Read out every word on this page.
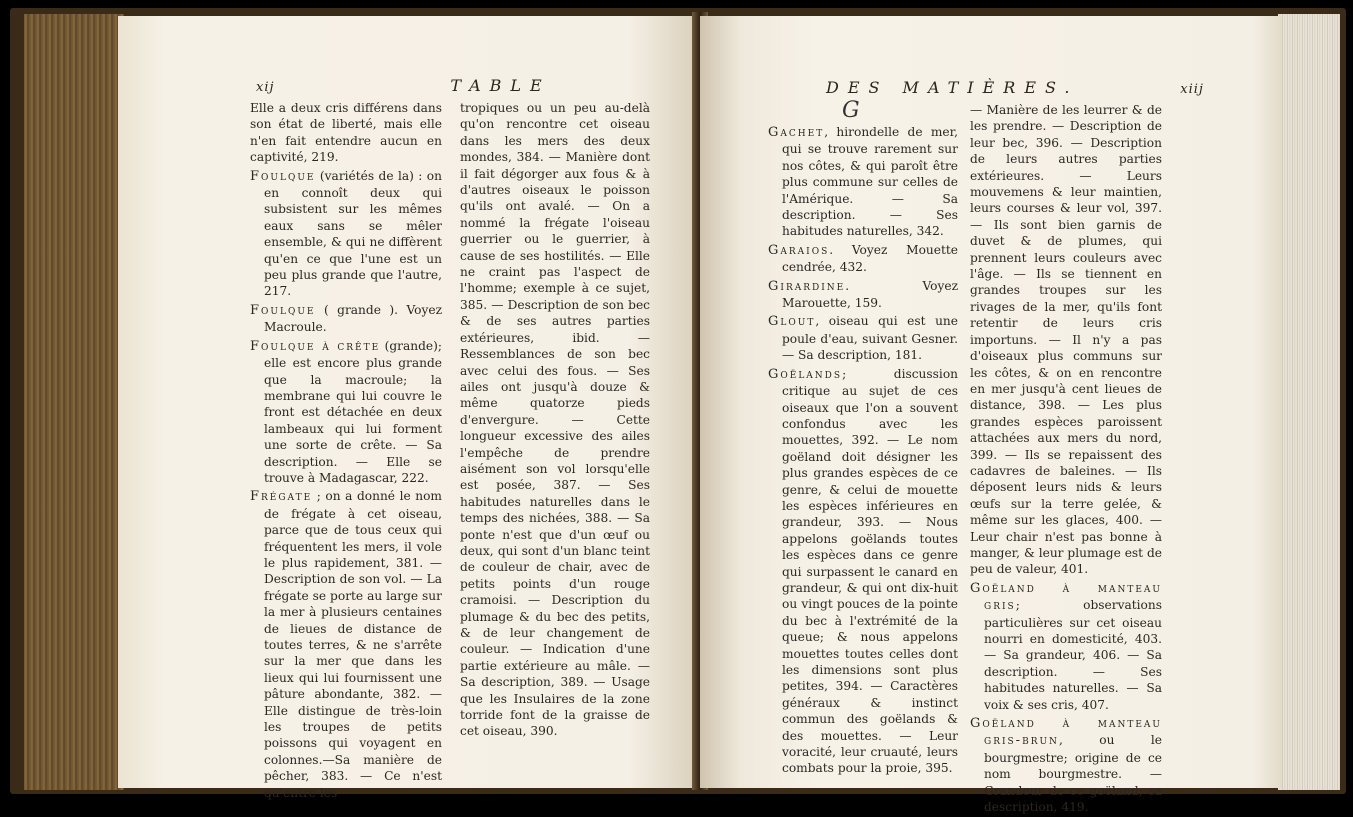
xij	TABLE

Elle a deux cris différens dans son état de liberté, mais elle n'en fait entendre aucun en captivité, 219.

Foulque (variétés de la) : on en connoît deux qui subsistent sur les mêmes eaux sans se mêler ensemble, & qui ne diffèrent qu'en ce que l'une est un peu plus grande que l'autre, 217.

Foulque ( grande ). Voyez Macroule.

Foulque à crête (grande); elle est encore plus grande que la macroule; la membrane qui lui couvre le front est détachée en deux lambeaux qui lui forment une sorte de crête. — Sa description. — Elle se trouve à Madagascar, 222.

Frégate ; on a donné le nom de frégate à cet oiseau, parce que de tous ceux qui fréquentent les mers, il vole le plus rapidement, 381. — Description de son vol. — La frégate se porte au large sur la mer à plusieurs centaines de lieues de distance de toutes terres, & ne s'arrête sur la mer que dans les lieux qui lui fournissent une pâture abondante, 382. — Elle distingue de très-loin les troupes de petits poissons qui voyagent en colonnes.—Sa manière de pêcher, 383. — Ce n'est qu'entre les

tropiques ou un peu au-delà qu'on rencontre cet oiseau dans les mers des deux mondes, 384. — Manière dont il fait dégorger aux fous & à d'autres oiseaux le poisson qu'ils ont avalé. — On a nommé la frégate l'oiseau guerrier ou le guerrier, à cause de ses hostilités. — Elle ne craint pas l'aspect de l'homme; exemple à ce sujet, 385. — Description de son bec & de ses autres parties extérieures, ibid. — Ressemblances de son bec avec celui des fous. — Ses ailes ont jusqu'à douze & même quatorze pieds d'envergure. — Cette longueur excessive des ailes l'empêche de prendre aisément son vol lorsqu'elle est posée, 387. — Ses habitudes naturelles dans le temps des nichées, 388. — Sa ponte n'est que d'un œuf ou deux, qui sont d'un blanc teint de couleur de chair, avec de petits points d'un rouge cramoisi. — Description du plumage & du bec des petits, & de leur changement de couleur. — Indication d'une partie extérieure au mâle. — Sa description, 389. — Usage que les Insulaires de la zone torride font de la graisse de cet oiseau, 390.

DES MATIÈRES.	xiij
G

Gachet, hirondelle de mer, qui se trouve rarement sur nos côtes, & qui paroît être plus commune sur celles de l'Amérique. — Sa description. — Ses habitudes naturelles, 342.

Garaios. Voyez Mouette cendrée, 432.

Girardine. Voyez Marouette, 159.

Glout, oiseau qui est une poule d'eau, suivant Gesner. — Sa description, 181.

Goëlands; discussion critique au sujet de ces oiseaux que l'on a souvent confondus avec les mouettes, 392. — Le nom goëland doit désigner les plus grandes espèces de ce genre, & celui de mouette les espèces inférieures en grandeur, 393. — Nous appelons goëlands toutes les espèces dans ce genre qui surpassent le canard en grandeur, & qui ont dix-huit ou vingt pouces de la pointe du bec à l'extrémité de la queue; & nous appelons mouettes toutes celles dont les dimensions sont plus petites, 394. — Caractères généraux & instinct commun des goëlands & des mouettes. — Leur voracité, leur cruauté, leurs combats pour la proie, 395.

— Manière de les leurrer & de les prendre. — Description de leur bec, 396. — Description de leurs autres parties extérieures. — Leurs mouvemens & leur maintien, leurs courses & leur vol, 397. — Ils sont bien garnis de duvet & de plumes, qui prennent leurs couleurs avec l'âge. — Ils se tiennent en grandes troupes sur les rivages de la mer, qu'ils font retentir de leurs cris importuns. — Il n'y a pas d'oiseaux plus communs sur les côtes, & on en rencontre en mer jusqu'à cent lieues de distance, 398. — Les plus grandes espèces paroissent attachées aux mers du nord, 399. — Ils se repaissent des cadavres de baleines. — Ils déposent leurs nids & leurs œufs sur la terre gelée, & même sur les glaces, 400. — Leur chair n'est pas bonne à manger, & leur plumage est de peu de valeur, 401.

Goëland à manteau gris; observations particulières sur cet oiseau nourri en domesticité, 403. — Sa grandeur, 406. — Sa description. — Ses habitudes naturelles. — Sa voix & ses cris, 407.

Goëland à manteau gris-brun, ou le bourgmestre; origine de ce nom bourgmestre. — Grandeur de ce goëland; sa description, 419.
